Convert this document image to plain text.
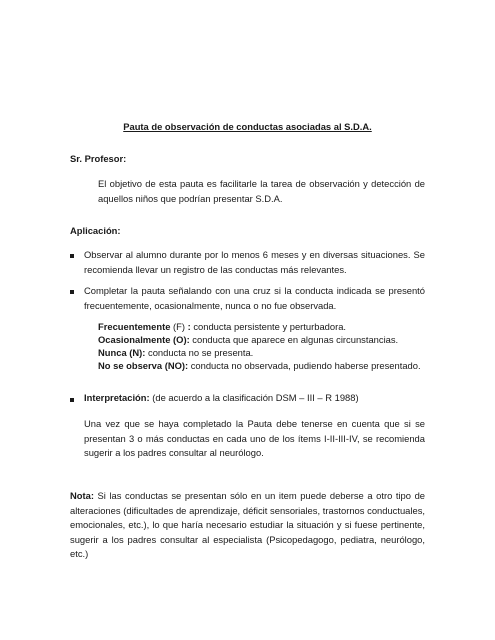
Pauta de observación de conductas asociadas al S.D.A.
Sr. Profesor:
El objetivo de esta pauta es facilitarle la tarea de observación y detección de aquellos niños que podrían presentar S.D.A.
Aplicación:
Observar al alumno durante por lo menos 6 meses y en diversas situaciones. Se recomienda llevar un registro de las conductas más relevantes.
Completar la pauta señalando con una cruz si la conducta indicada se presentó frecuentemente, ocasionalmente, nunca o no fue observada.
Frecuentemente (F) : conducta persistente y perturbadora.
Ocasionalmente (O): conducta que aparece en algunas circunstancias.
Nunca (N): conducta no se presenta.
No se observa (NO): conducta no observada, pudiendo haberse presentado.
Interpretación: (de acuerdo a la clasificación DSM – III – R 1988)
Una vez que se haya completado la Pauta debe tenerse en cuenta que si se presentan 3 o más conductas en cada uno de los ítems I-II-III-IV, se recomienda sugerir a los padres consultar al neurólogo.
Nota: Si las conductas se presentan sólo en un item puede deberse a otro tipo de alteraciones (dificultades de aprendizaje, déficit sensoriales, trastornos conductuales, emocionales, etc.), lo que haría necesario estudiar la situación y si fuese pertinente, sugerir a los padres consultar al especialista (Psicopedagogo, pediatra, neurólogo, etc.)
